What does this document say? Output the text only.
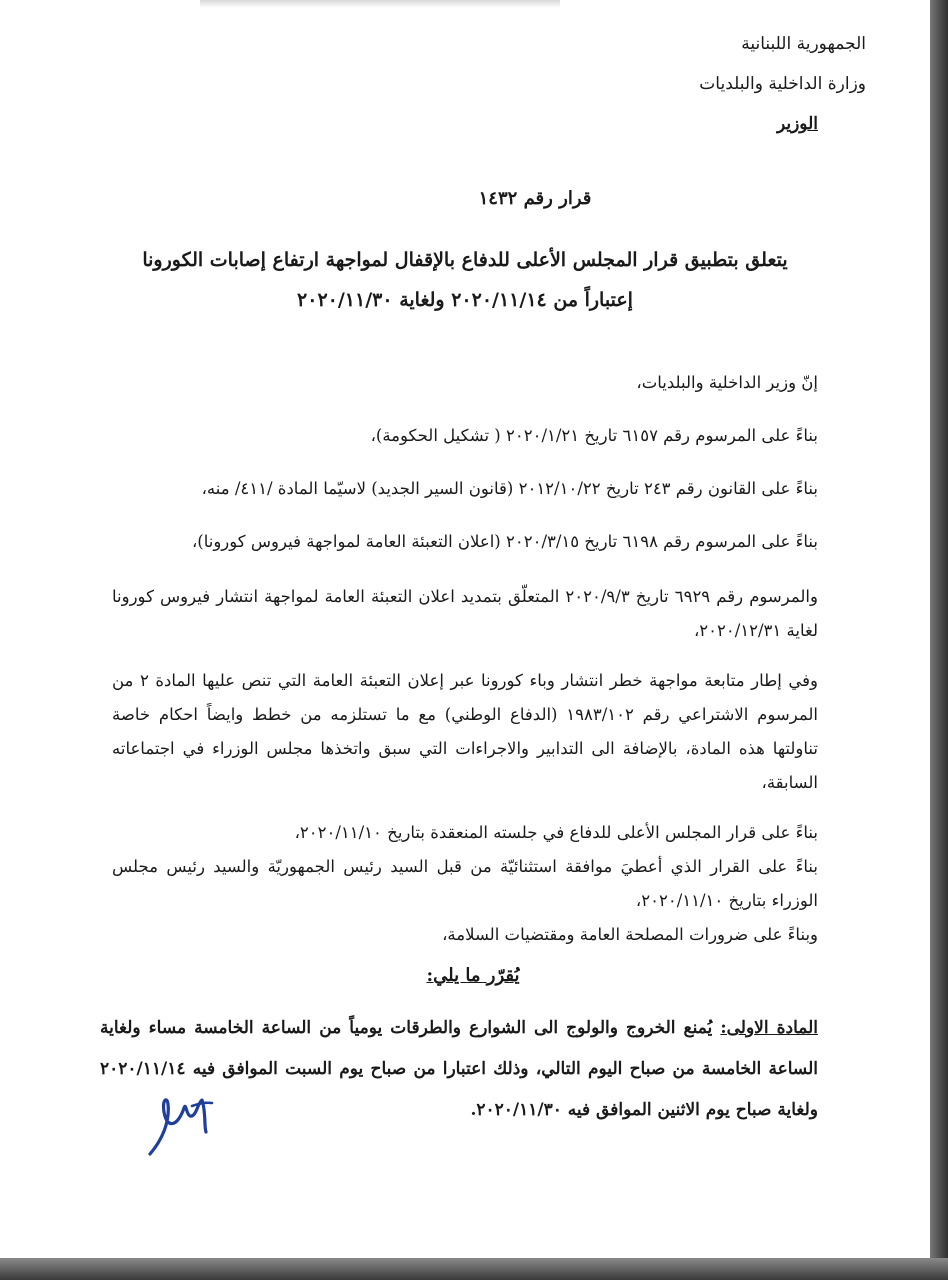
الجمهورية اللبنانية
وزارة الداخلية والبلديات
الوزير
قرار رقم ١٤٣٢
يتعلق بتطبيق قرار المجلس الأعلى للدفاع بالإقفال لمواجهة ارتفاع إصابات الكورونا
إعتباراً من ٢٠٢٠/١١/١٤ ولغاية ٢٠٢٠/١١/٣٠

إنّ وزير الداخلية والبلديات،

بناءً على المرسوم رقم ٦١٥٧ تاريخ ٢٠٢٠/١/٢١ ( تشكيل الحكومة)،

بناءً على القانون رقم ٢٤٣ تاريخ ٢٠١٢/١٠/٢٢ (قانون السير الجديد) لاسيّما المادة /٤١١/ منه،

بناءً على المرسوم رقم ٦١٩٨ تاريخ ٢٠٢٠/٣/١٥ (اعلان التعبئة العامة لمواجهة فيروس كورونا)،

والمرسوم رقم ٦٩٢٩ تاريخ ٢٠٢٠/٩/٣ المتعلّق بتمديد اعلان التعبئة العامة لمواجهة انتشار فيروس كورونا لغاية ٢٠٢٠/١٢/٣١،

وفي إطار متابعة مواجهة خطر انتشار وباء كورونا عبر إعلان التعبئة العامة التي تنص عليها المادة ٢ من المرسوم الاشتراعي رقم ١٩٨٣/١٠٢ (الدفاع الوطني) مع ما تستلزمه من خطط وايضاً احكام خاصة تناولتها هذه المادة، بالإضافة الى التدابير والاجراءات التي سبق واتخذها مجلس الوزراء في اجتماعاته السابقة،

بناءً على قرار المجلس الأعلى للدفاع في جلسته المنعقدة بتاريخ ٢٠٢٠/١١/١٠،

بناءً على القرار الذي أعطيَ موافقة استثنائيّة من قبل السيد رئيس الجمهوريّة والسيد رئيس مجلس الوزراء بتاريخ ٢٠٢٠/١١/١٠،

وبناءً على ضرورات المصلحة العامة ومقتضيات السلامة،

يُقرّر ما يلي:
المادة الاولى: يُمنع الخروج والولوج الى الشوارع والطرقات يومياً من الساعة الخامسة مساء ولغاية الساعة الخامسة من صباح اليوم التالي، وذلك اعتبارا من صباح يوم السبت الموافق فيه ٢٠٢٠/١١/١٤ ولغاية صباح يوم الاثنين الموافق فيه ٢٠٢٠/١١/٣٠.
